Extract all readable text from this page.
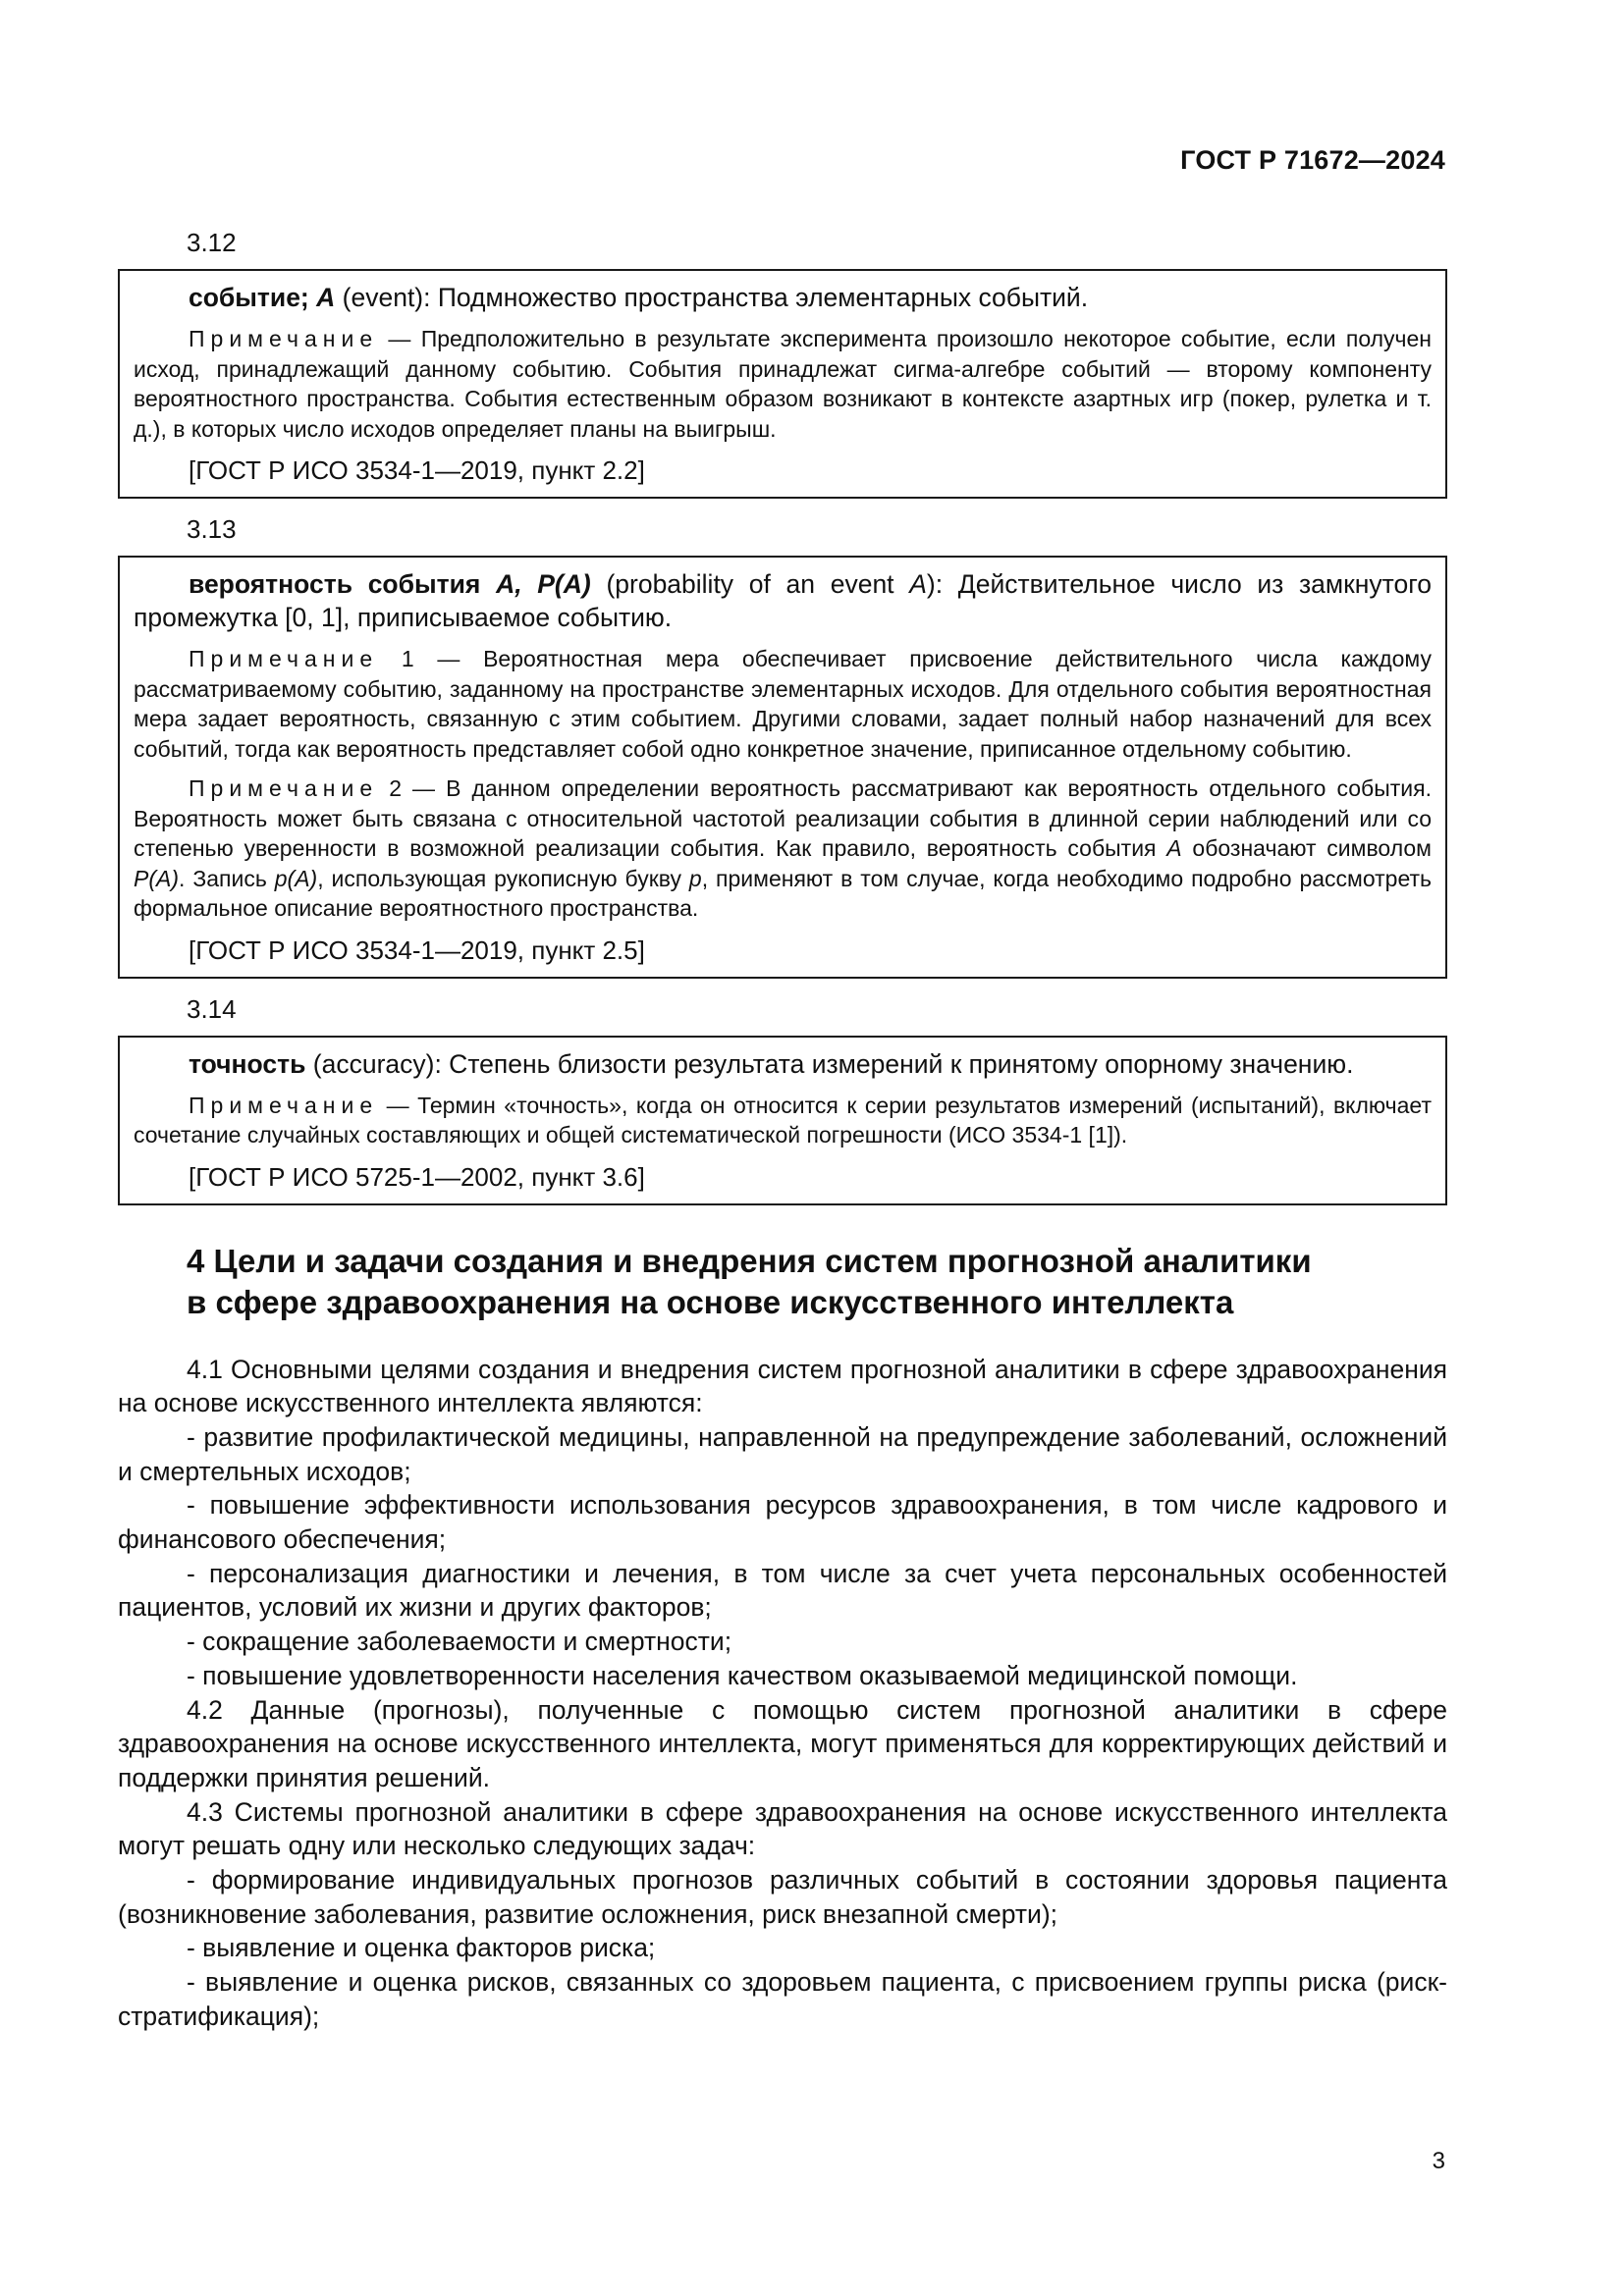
ГОСТ Р 71672—2024

3.12

событие; A (event): Подмножество пространства элементарных событий.

Примечание — Предположительно в результате эксперимента произошло некоторое событие, если получен исход, принадлежащий данному событию. События принадлежат сигма-алгебре событий — второму компоненту вероятностного пространства. События естественным образом возникают в контексте азартных игр (покер, рулетка и т. д.), в которых число исходов определяет планы на выигрыш.

[ГОСТ Р ИСО 3534-1—2019, пункт 2.2]

3.13

вероятность события A, P(A) (probability of an event A): Действительное число из замкнутого промежутка [0, 1], приписываемое событию.

Примечание 1 — Вероятностная мера обеспечивает присвоение действительного числа каждому рассматриваемому событию, заданному на пространстве элементарных исходов. Для отдельного события вероятностная мера задает вероятность, связанную с этим событием. Другими словами, задает полный набор назначений для всех событий, тогда как вероятность представляет собой одно конкретное значение, приписанное отдельному событию.

Примечание 2 — В данном определении вероятность рассматривают как вероятность отдельного события. Вероятность может быть связана с относительной частотой реализации события в длинной серии наблюдений или со степенью уверенности в возможной реализации события. Как правило, вероятность события А обозначают символом P(A). Запись p(A), использующая рукописную букву p, применяют в том случае, когда необходимо подробно рассмотреть формальное описание вероятностного пространства.

[ГОСТ Р ИСО 3534-1—2019, пункт 2.5]

3.14

точность (accuracy): Степень близости результата измерений к принятому опорному значению.

Примечание — Термин «точность», когда он относится к серии результатов измерений (испытаний), включает сочетание случайных составляющих и общей систематической погрешности (ИСО 3534-1 [1]).

[ГОСТ Р ИСО 5725-1—2002, пункт 3.6]

4 Цели и задачи создания и внедрения систем прогнозной аналитики
в сфере здравоохранения на основе искусственного интеллекта

4.1 Основными целями создания и внедрения систем прогнозной аналитики в сфере здравоохранения на основе искусственного интеллекта являются:

- развитие профилактической медицины, направленной на предупреждение заболеваний, осложнений и смертельных исходов;

- повышение эффективности использования ресурсов здравоохранения, в том числе кадрового и финансового обеспечения;

- персонализация диагностики и лечения, в том числе за счет учета персональных особенностей пациентов, условий их жизни и других факторов;

- сокращение заболеваемости и смертности;

- повышение удовлетворенности населения качеством оказываемой медицинской помощи.

4.2 Данные (прогнозы), полученные с помощью систем прогнозной аналитики в сфере здравоохранения на основе искусственного интеллекта, могут применяться для корректирующих действий и поддержки принятия решений.

4.3 Системы прогнозной аналитики в сфере здравоохранения на основе искусственного интеллекта могут решать одну или несколько следующих задач:

- формирование индивидуальных прогнозов различных событий в состоянии здоровья пациента (возникновение заболевания, развитие осложнения, риск внезапной смерти);

- выявление и оценка факторов риска;

- выявление и оценка рисков, связанных со здоровьем пациента, с присвоением группы риска (риск-стратификация);

3
